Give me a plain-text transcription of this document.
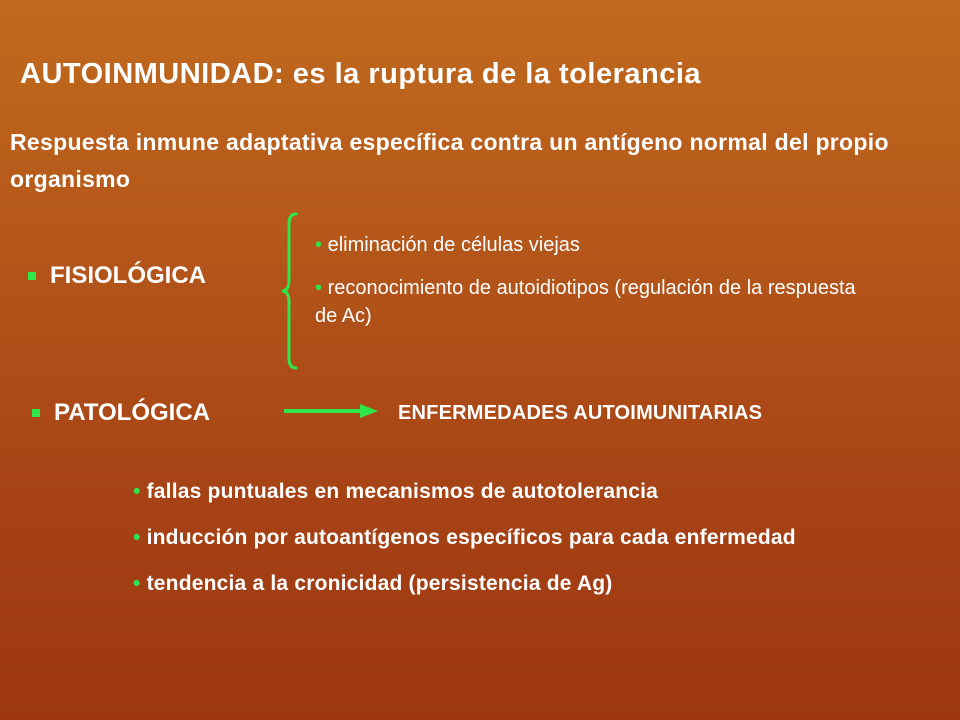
AUTOINMUNIDAD: es la ruptura de la tolerancia
Respuesta inmune adaptativa específica contra un antígeno normal del propio organismo
FISIOLÓGICA
• eliminación de células viejas
• reconocimiento de autoidiotipos (regulación de la respuesta de Ac)
PATOLÓGICA	ENFERMEDADES AUTOIMUNITARIAS
• fallas puntuales en mecanismos de autotolerancia
• inducción por autoantígenos específicos para cada enfermedad
• tendencia a la cronicidad (persistencia de Ag)
